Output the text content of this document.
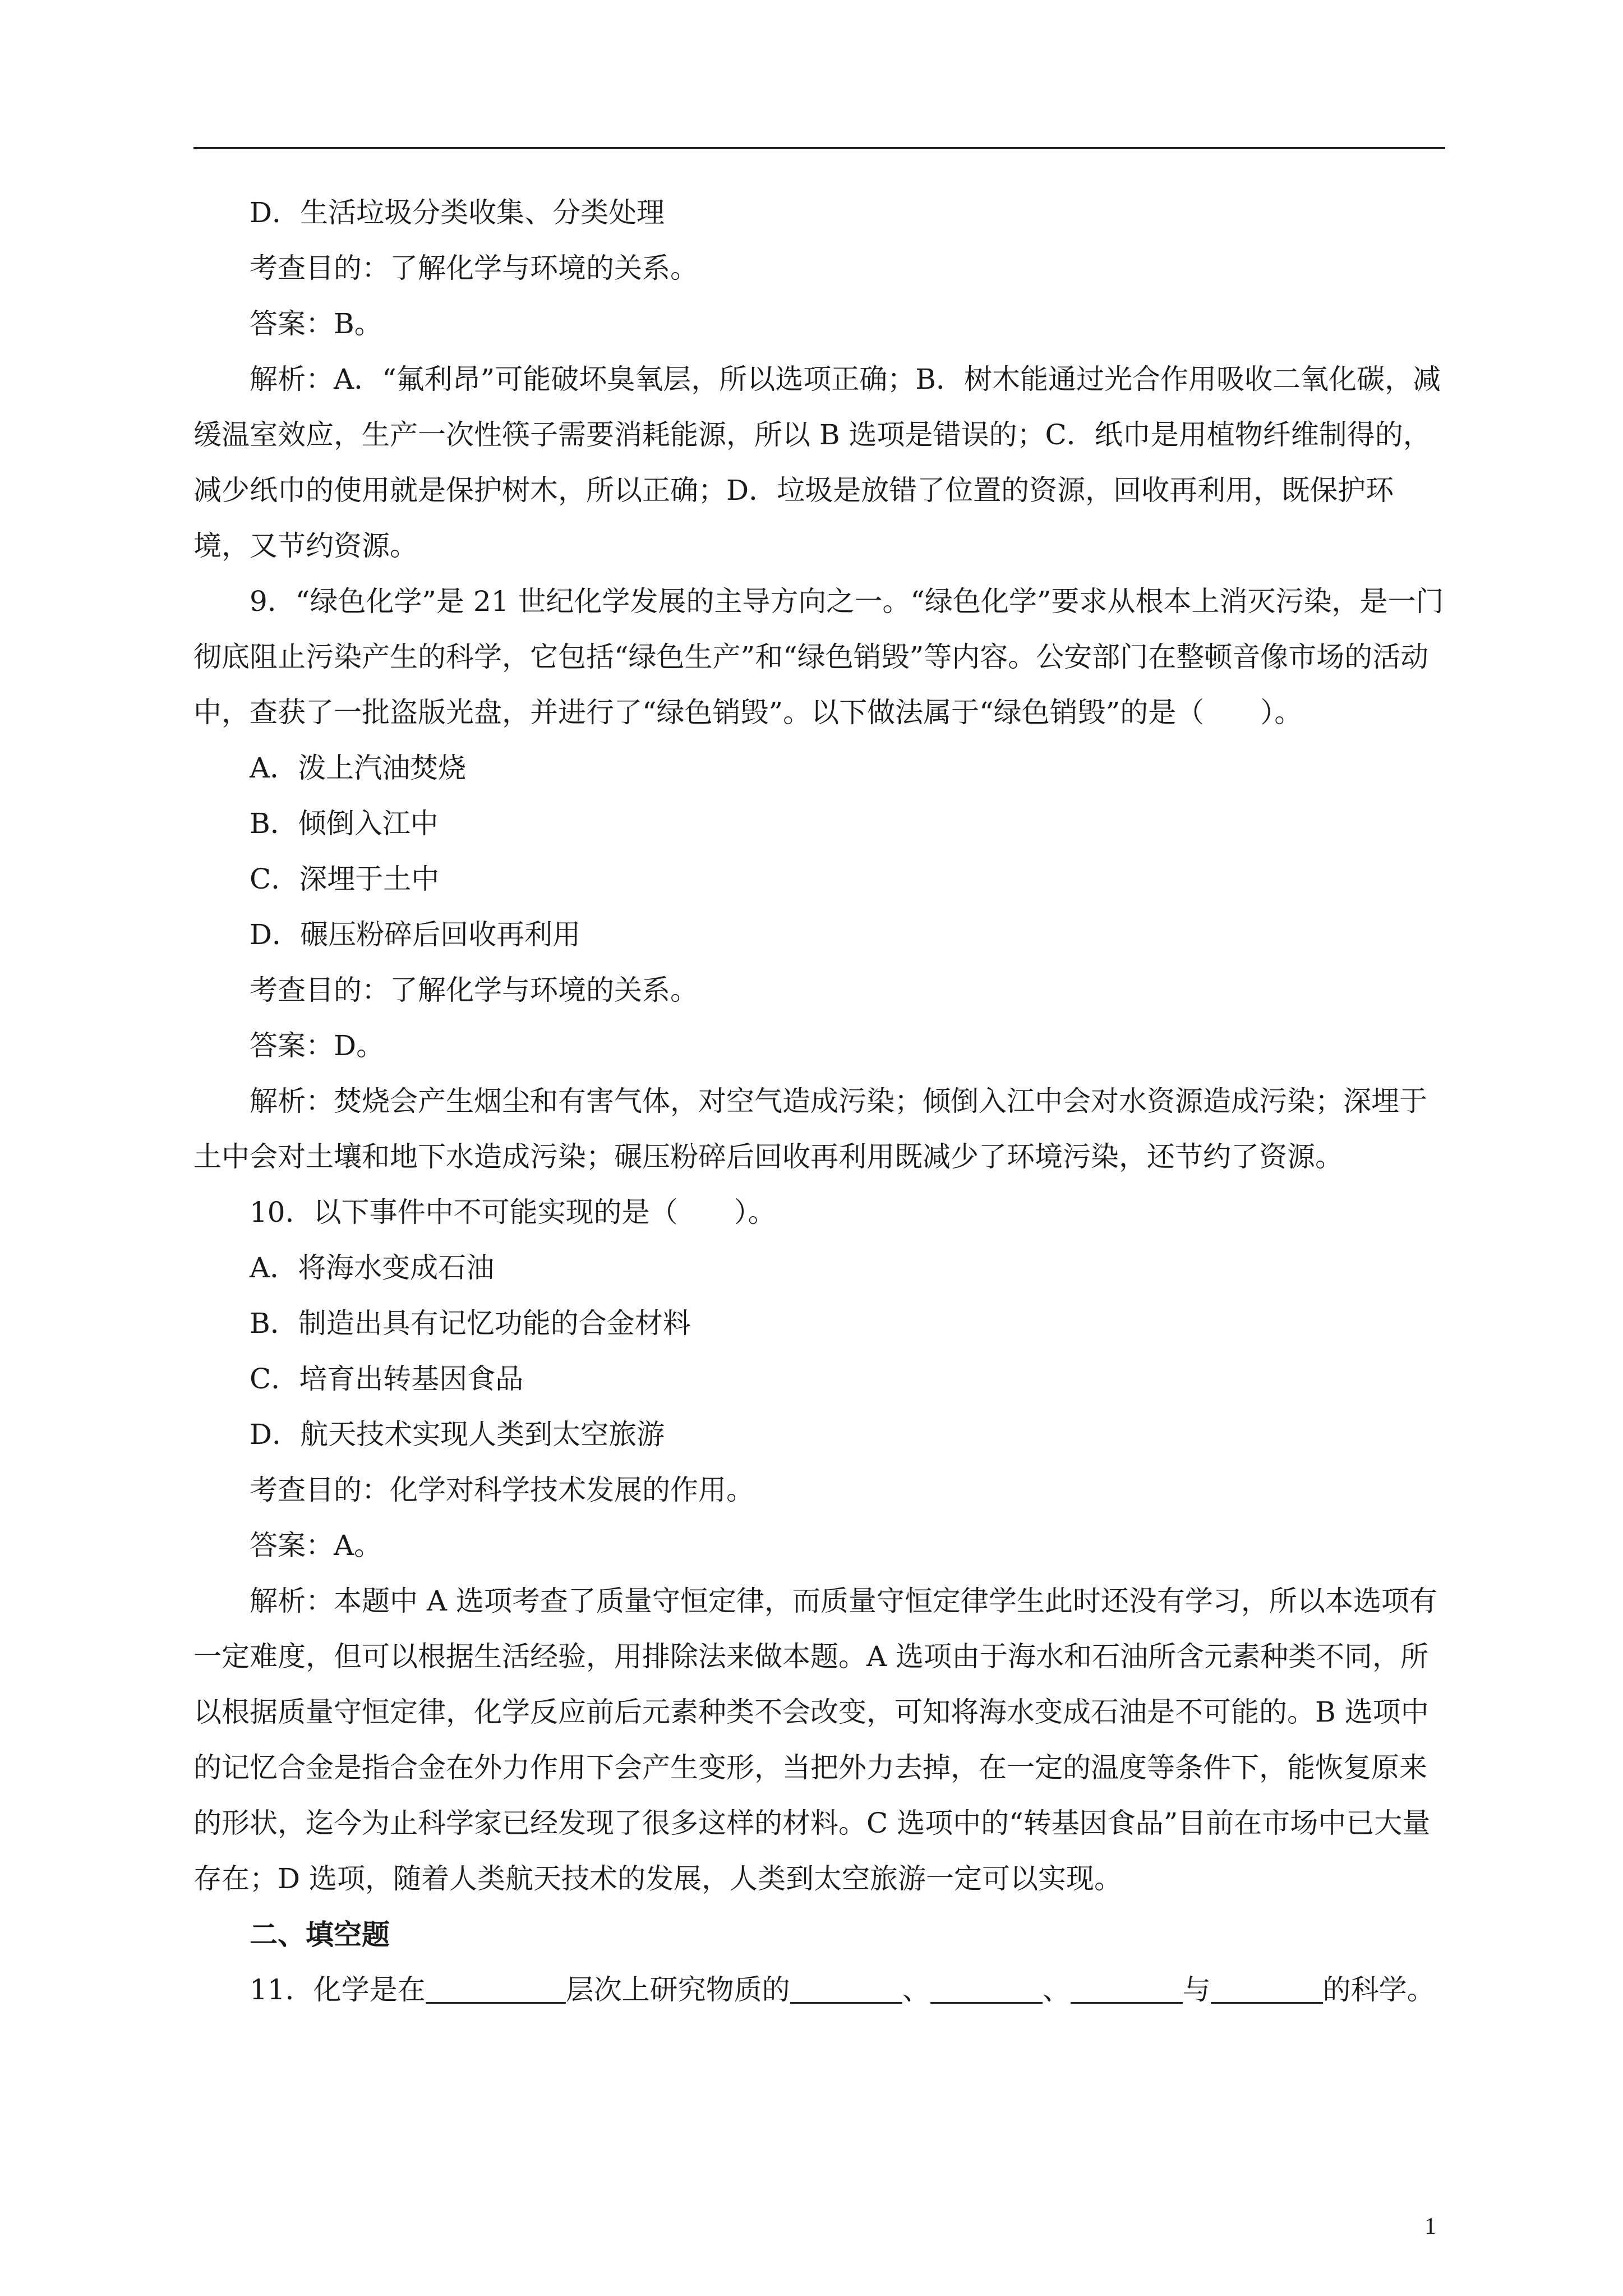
D．生活垃圾分类收集、分类处理

考查目的：了解化学与环境的关系。

答案：B。

解析：A．“氟利昂”可能破坏臭氧层，所以选项正确；B．树木能通过光合作用吸收二氧化碳，减缓温室效应，生产一次性筷子需要消耗能源，所以 B 选项是错误的；C．纸巾是用植物纤维制得的，减少纸巾的使用就是保护树木，所以正确；D．垃圾是放错了位置的资源，回收再利用，既保护环境，又节约资源。

9．“绿色化学”是 21 世纪化学发展的主导方向之一。“绿色化学”要求从根本上消灭污染，是一门彻底阻止污染产生的科学，它包括“绿色生产”和“绿色销毁”等内容。公安部门在整顿音像市场的活动中，查获了一批盗版光盘，并进行了“绿色销毁”。以下做法属于“绿色销毁”的是（　　）。

A．泼上汽油焚烧

B．倾倒入江中

C．深埋于土中

D．碾压粉碎后回收再利用

考查目的：了解化学与环境的关系。

答案：D。

解析：焚烧会产生烟尘和有害气体，对空气造成污染；倾倒入江中会对水资源造成污染；深埋于土中会对土壤和地下水造成污染；碾压粉碎后回收再利用既减少了环境污染，还节约了资源。

10．以下事件中不可能实现的是（　　）。

A．将海水变成石油

B．制造出具有记忆功能的合金材料

C．培育出转基因食品

D．航天技术实现人类到太空旅游

考查目的：化学对科学技术发展的作用。

答案：A。

解析：本题中 A 选项考查了质量守恒定律，而质量守恒定律学生此时还没有学习，所以本选项有一定难度，但可以根据生活经验，用排除法来做本题。A 选项由于海水和石油所含元素种类不同，所以根据质量守恒定律，化学反应前后元素种类不会改变，可知将海水变成石油是不可能的。B 选项中的记忆合金是指合金在外力作用下会产生变形，当把外力去掉，在一定的温度等条件下，能恢复原来的形状，迄今为止科学家已经发现了很多这样的材料。C 选项中的“转基因食品”目前在市场中已大量存在；D 选项，随着人类航天技术的发展，人类到太空旅游一定可以实现。

二、填空题

11．化学是在	层次上研究物质的	、	、	与	的科学。

1
